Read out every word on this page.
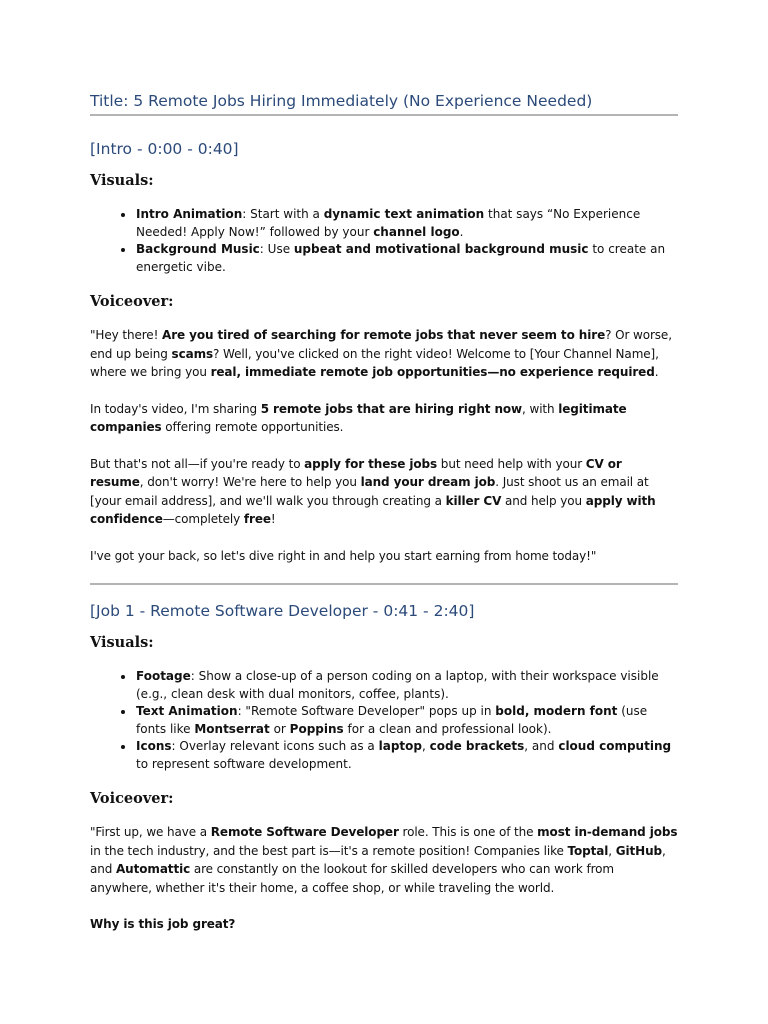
Title: 5 Remote Jobs Hiring Immediately (No Experience Needed)
[Intro - 0:00 - 0:40]
Visuals:
• Intro Animation: Start with a dynamic text animation that says “No Experience Needed! Apply Now!” followed by your channel logo.
• Background Music: Use upbeat and motivational background music to create an energetic vibe.
Voiceover:

"Hey there! Are you tired of searching for remote jobs that never seem to hire? Or worse, end up being scams? Well, you've clicked on the right video! Welcome to [Your Channel Name], where we bring you real, immediate remote job opportunities—no experience required.

In today's video, I'm sharing 5 remote jobs that are hiring right now, with legitimate companies offering remote opportunities.

But that's not all—if you're ready to apply for these jobs but need help with your CV or resume, don't worry! We're here to help you land your dream job. Just shoot us an email at [your email address], and we'll walk you through creating a killer CV and help you apply with confidence—completely free!

I've got your back, so let's dive right in and help you start earning from home today!"

[Job 1 - Remote Software Developer - 0:41 - 2:40]
Visuals:
• Footage: Show a close-up of a person coding on a laptop, with their workspace visible (e.g., clean desk with dual monitors, coffee, plants).
• Text Animation: "Remote Software Developer" pops up in bold, modern font (use fonts like Montserrat or Poppins for a clean and professional look).
• Icons: Overlay relevant icons such as a laptop, code brackets, and cloud computing to represent software development.
Voiceover:

"First up, we have a Remote Software Developer role. This is one of the most in-demand jobs in the tech industry, and the best part is—it's a remote position! Companies like Toptal, GitHub, and Automattic are constantly on the lookout for skilled developers who can work from anywhere, whether it's their home, a coffee shop, or while traveling the world.

Why is this job great?
